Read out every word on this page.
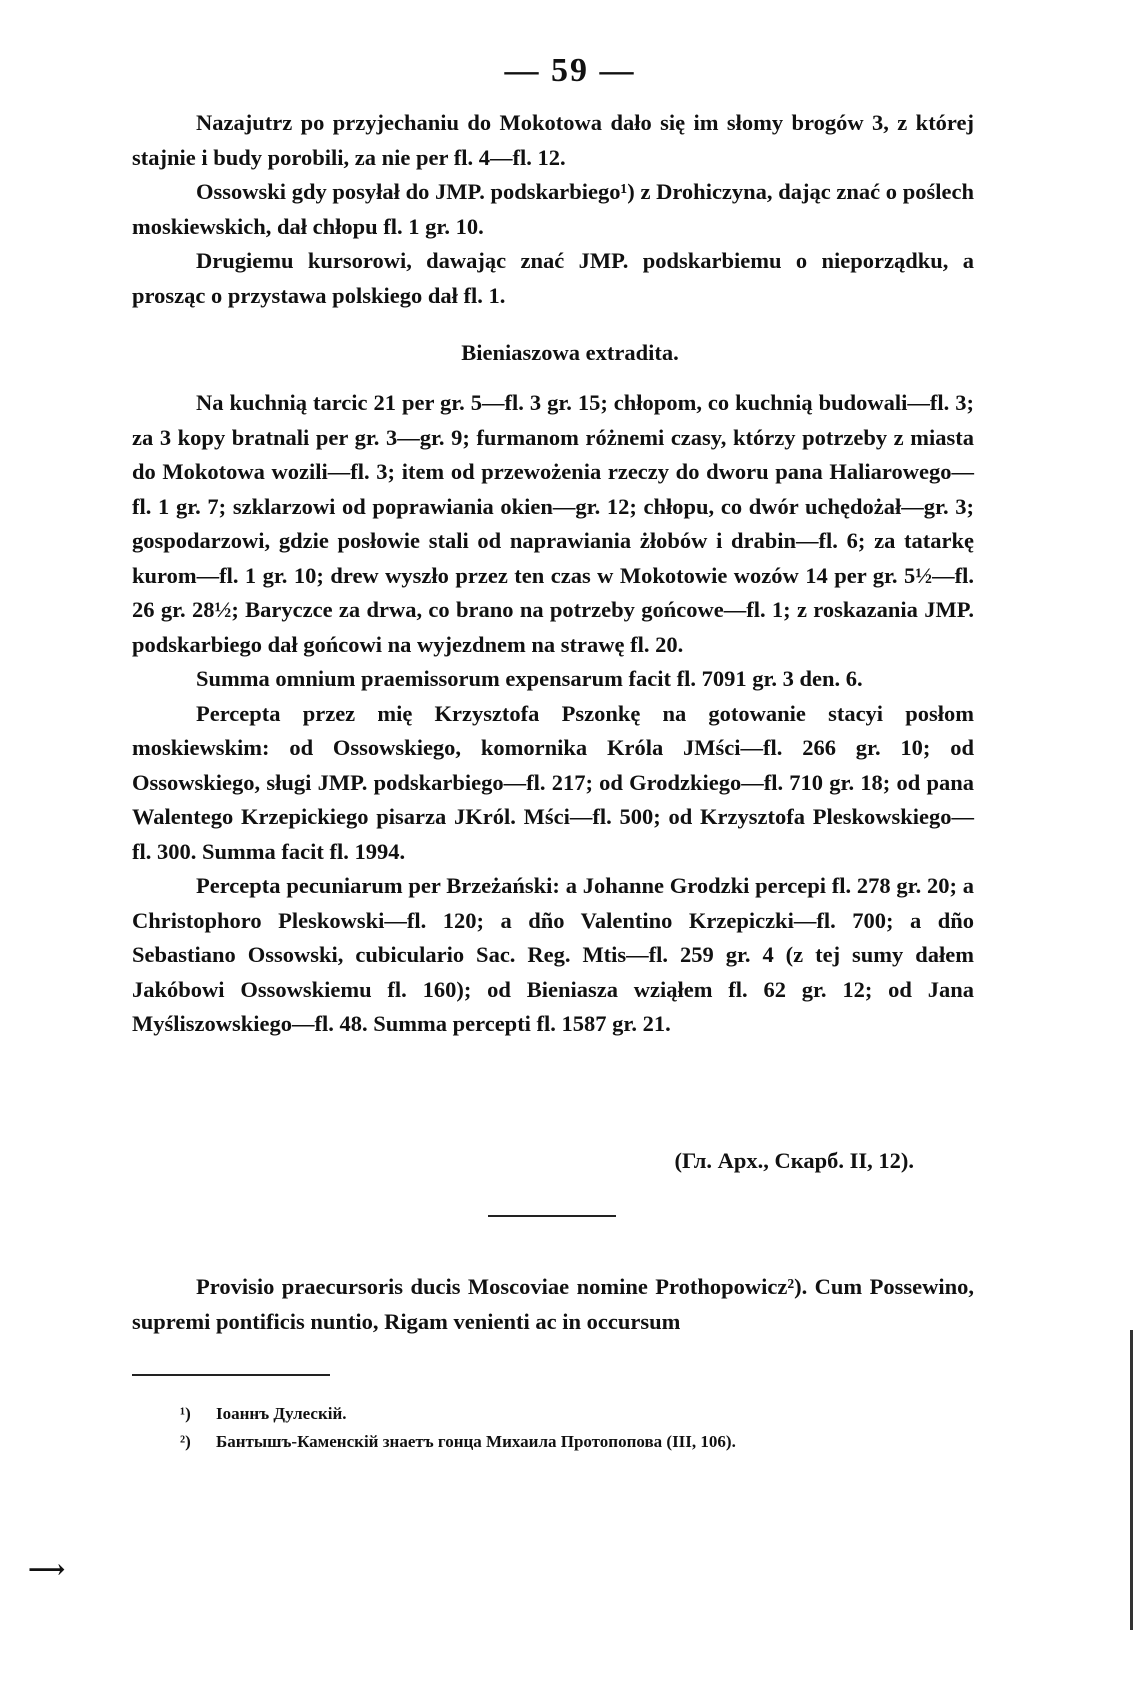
— 59 —

Nazajutrz po przyjechaniu do Mokotowa dało się im słomy brogów 3, z której stajnie i budy porobili, za nie per fl. 4—fl. 12.

Ossowski gdy posyłał do JMP. podskarbiego¹) z Drohiczyna, dając znać o poślech moskiewskich, dał chłopu fl. 1 gr. 10.

Drugiemu kursorowi, dawając znać JMP. podskarbiemu o nieporządku, a prosząc o przystawa polskiego dał fl. 1.

Bieniaszowa extradita.

Na kuchnią tarcic 21 per gr. 5—fl. 3 gr. 15; chłopom, co kuchnią budowali—fl. 3; za 3 kopy bratnali per gr. 3—gr. 9; furmanom różnemi czasy, którzy potrzeby z miasta do Mokotowa wozili—fl. 3; item od przewożenia rzeczy do dworu pana Haliarowego—fl. 1 gr. 7; szklarzowi od poprawiania okien—gr. 12; chłopu, co dwór uchędożał—gr. 3; gospodarzowi, gdzie posłowie stali od naprawiania żłobów i drabin—fl. 6; za tatarkę kurom—fl. 1 gr. 10; drew wyszło przez ten czas w Mokotowie wozów 14 per gr. 5½—fl. 26 gr. 28½; Baryczce za drwa, co brano na potrzeby gońcowe—fl. 1; z roskazania JMP. podskarbiego dał gońcowi na wyjezdnem na strawę fl. 20.

Summa omnium praemissorum expensarum facit fl. 7091 gr. 3 den. 6.

Percepta przez mię Krzysztofa Pszonkę na gotowanie stacyi posłom moskiewskim: od Ossowskiego, komornika Króla JMści—fl. 266 gr. 10; od Ossowskiego, sługi JMP. podskarbiego—fl. 217; od Grodzkiego—fl. 710 gr. 18; od pana Walentego Krzepickiego pisarza JKról. Mści—fl. 500; od Krzysztofa Pleskowskiego—fl. 300. Summa facit fl. 1994.

Percepta pecuniarum per Brzeżański: a Johanne Grodzki percepi fl. 278 gr. 20; a Christophoro Pleskowski—fl. 120; a dño Valentino Krzepiczki—fl. 700; a dño Sebastiano Ossowski, cubiculario Sac. Reg. Mtis—fl. 259 gr. 4 (z tej sumy dałem Jakóbowi Ossowskiemu fl. 160); od Bieniasza wziąłem fl. 62 gr. 12; od Jana Myśliszowskiego—fl. 48. Summa percepti fl. 1587 gr. 21.

(Гл. Арх., Скарб. II, 12).

Provisio praecursoris ducis Moscoviae nomine Prothopowicz²). Cum Possewino, supremi pontificis nuntio, Rigam venienti ac in occursum

¹)	Іоаннъ Дулескій.
²)	Бантышъ-Каменскій знаетъ гонца Михаила Протопопова (III, 106).
⟶
